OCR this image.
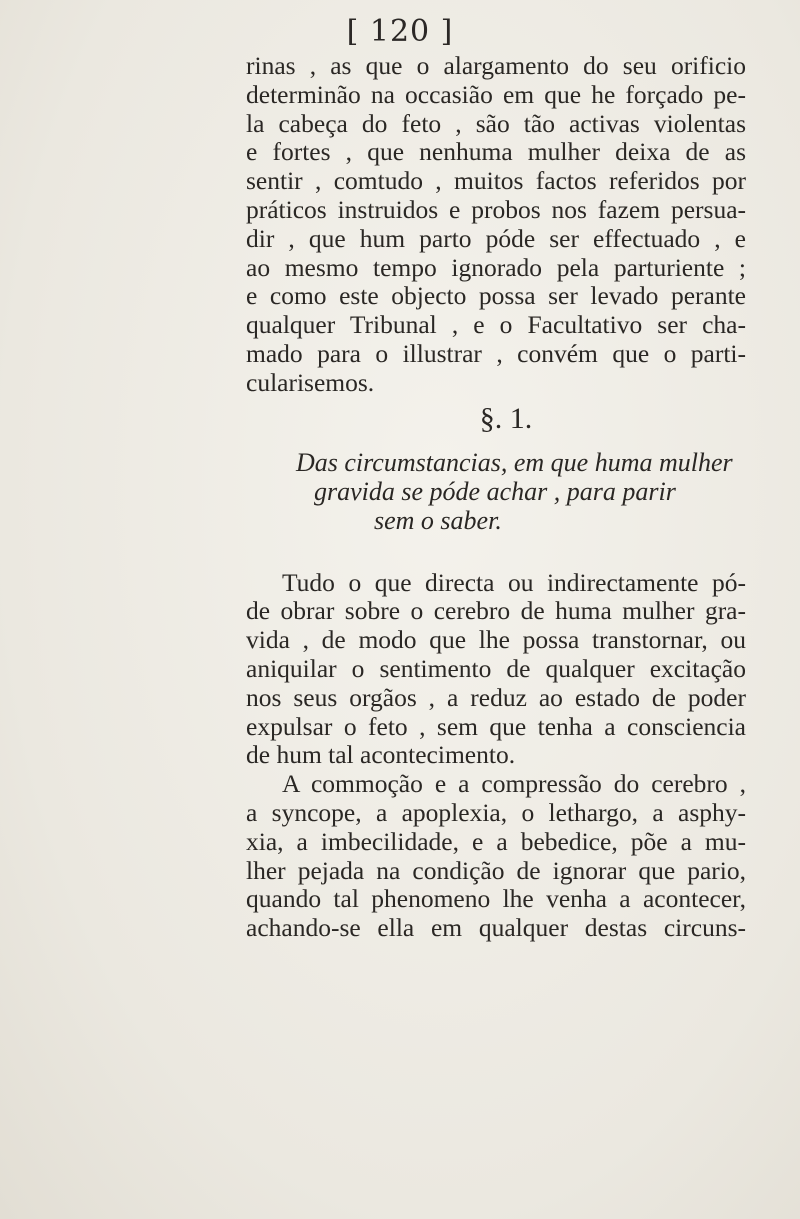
[ 120 ]
rinas , as que o alargamento do seu orificio
determinão na occasião em que he forçado pe-
la cabeça do feto , são tão activas violentas
e fortes , que nenhuma mulher deixa de as
sentir , comtudo , muitos factos referidos por
práticos instruidos e probos nos fazem persua-
dir , que hum parto póde ser effectuado , e
ao mesmo tempo ignorado pela parturiente ;
e como este objecto possa ser levado perante
qualquer Tribunal , e o Facultativo ser cha-
mado para o illustrar , convém que o parti-
cularisemos.
§. 1.
Das circumstancias, em que huma mulher
gravida se póde achar , para parir
sem o saber.
Tudo o que directa ou indirectamente pó-
de obrar sobre o cerebro de huma mulher gra-
vida , de modo que lhe possa transtornar, ou
aniquilar o sentimento de qualquer excitação
nos seus orgãos , a reduz ao estado de poder
expulsar o feto , sem que tenha a consciencia
de hum tal acontecimento.
A commoção e a compressão do cerebro ,
a syncope, a apoplexia, o lethargo, a asphy-
xia, a imbecilidade, e a bebedice, põe a mu-
lher pejada na condição de ignorar que pario,
quando tal phenomeno lhe venha a acontecer,
achando-se ella em qualquer destas circuns-
